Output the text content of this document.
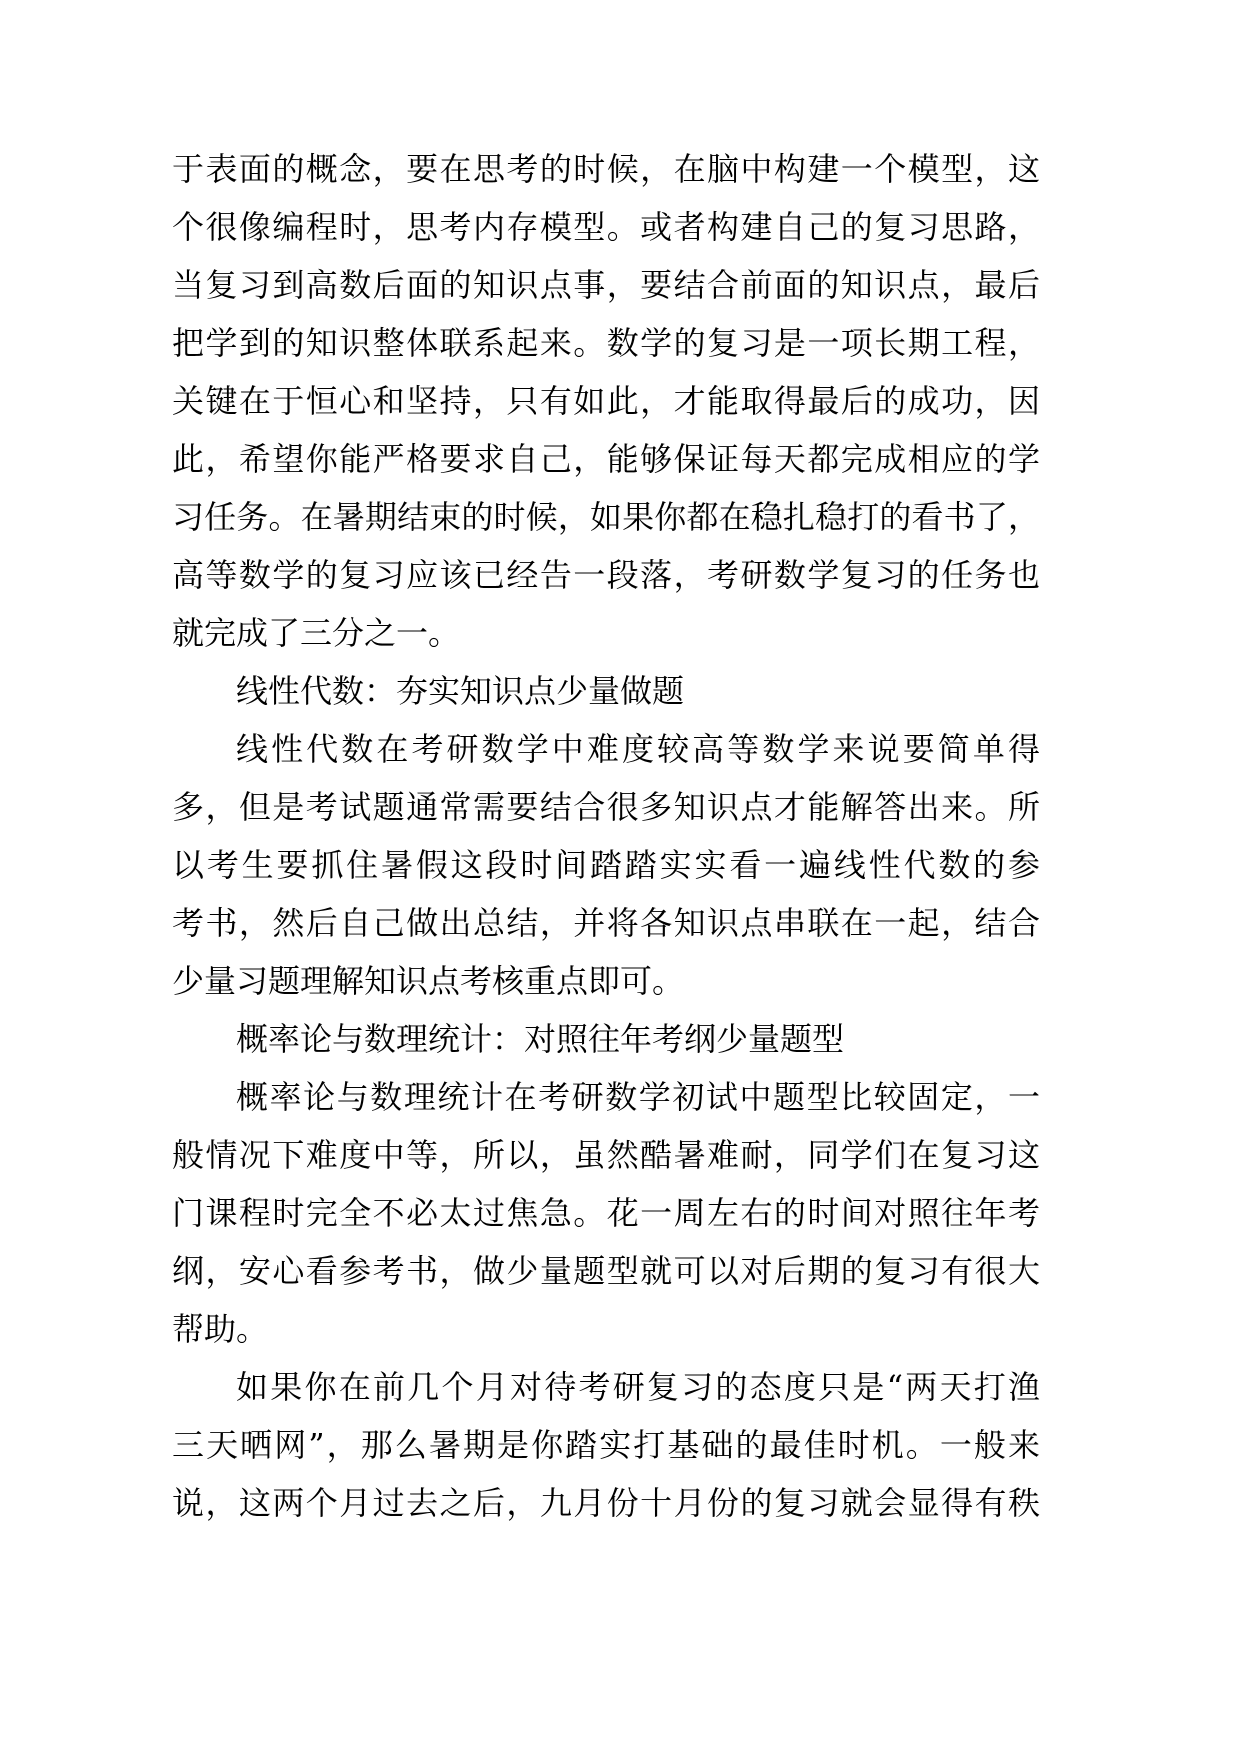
于表面的概念，要在思考的时候，在脑中构建一个模型，这
个很像编程时，思考内存模型。或者构建自己的复习思路，
当复习到高数后面的知识点事，要结合前面的知识点，最后
把学到的知识整体联系起来。数学的复习是一项长期工程，
关键在于恒心和坚持，只有如此，才能取得最后的成功，因
此，希望你能严格要求自己，能够保证每天都完成相应的学
习任务。在暑期结束的时候，如果你都在稳扎稳打的看书了，
高等数学的复习应该已经告一段落，考研数学复习的任务也
就完成了三分之一。
线性代数：夯实知识点少量做题
线性代数在考研数学中难度较高等数学来说要简单得
多，但是考试题通常需要结合很多知识点才能解答出来。所
以考生要抓住暑假这段时间踏踏实实看一遍线性代数的参
考书，然后自己做出总结，并将各知识点串联在一起，结合
少量习题理解知识点考核重点即可。
概率论与数理统计：对照往年考纲少量题型
概率论与数理统计在考研数学初试中题型比较固定，一
般情况下难度中等，所以，虽然酷暑难耐，同学们在复习这
门课程时完全不必太过焦急。花一周左右的时间对照往年考
纲，安心看参考书，做少量题型就可以对后期的复习有很大
帮助。
如果你在前几个月对待考研复习的态度只是“两天打渔
三天晒网”，那么暑期是你踏实打基础的最佳时机。一般来
说，这两个月过去之后，九月份十月份的复习就会显得有秩
